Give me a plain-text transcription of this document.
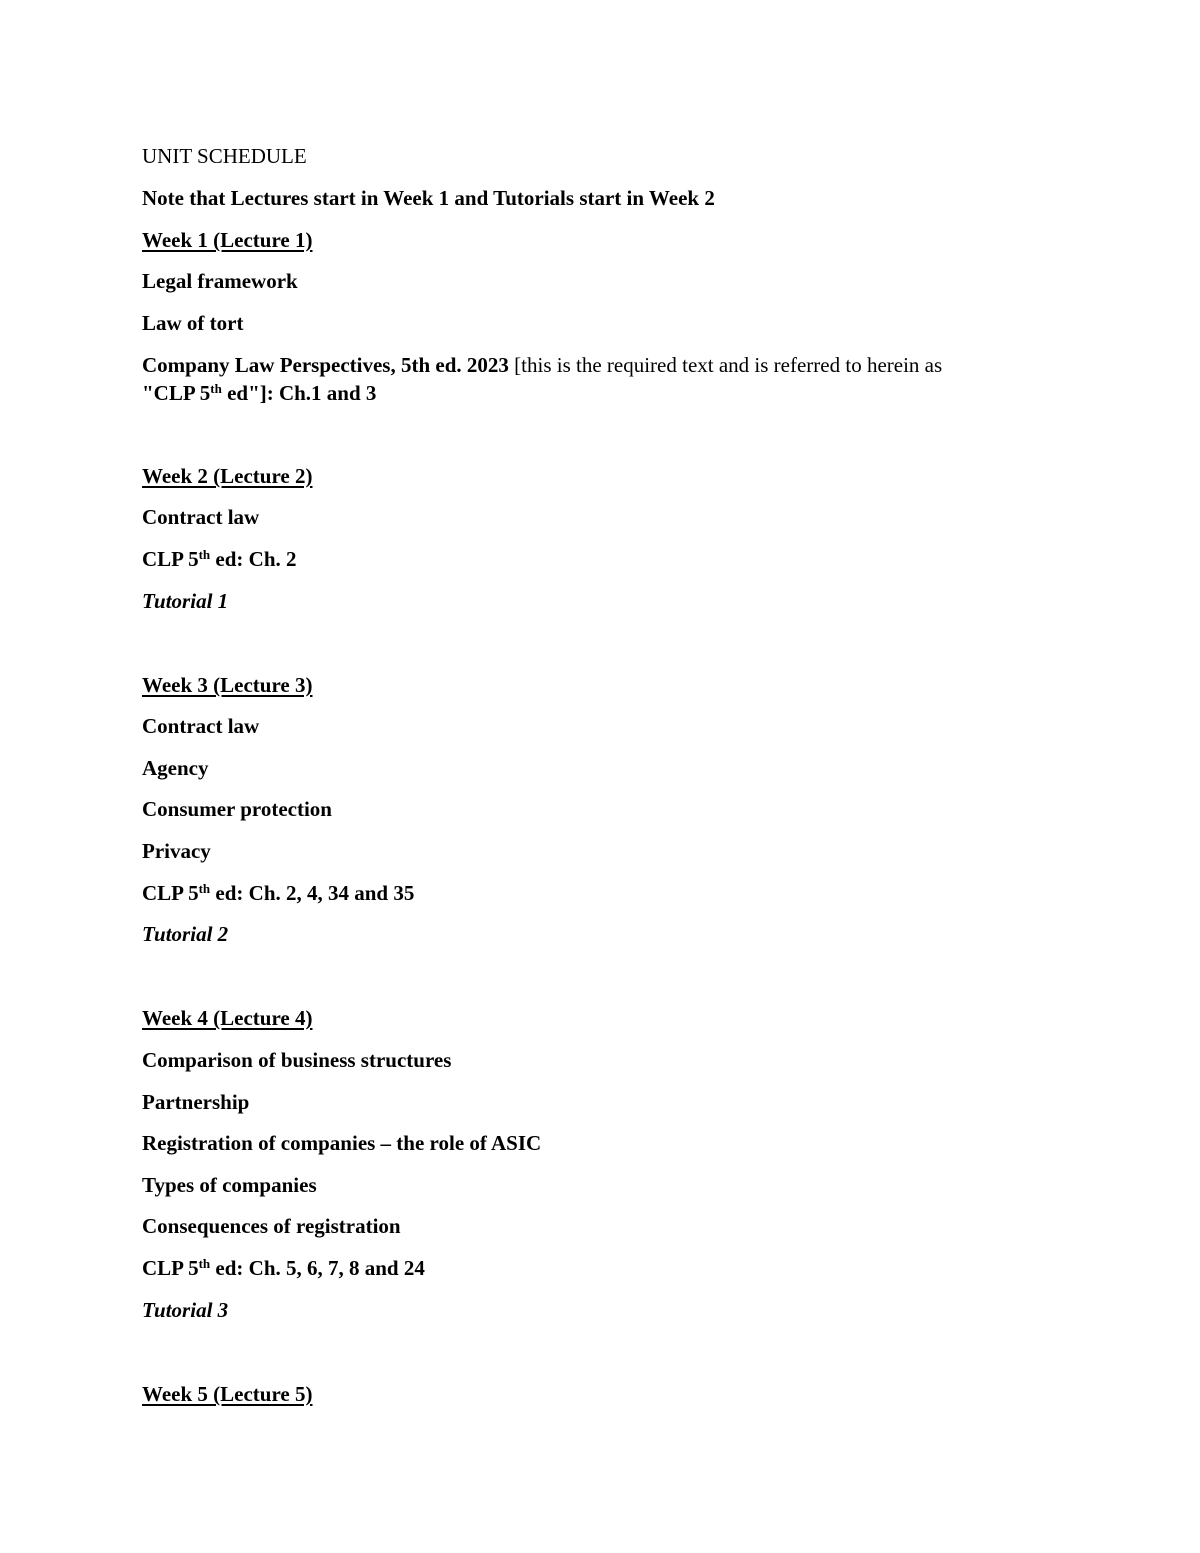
UNIT SCHEDULE
Note that Lectures start in Week 1 and Tutorials start in Week 2
Week 1 (Lecture 1)
Legal framework
Law of tort
Company Law Perspectives, 5th ed. 2023 [this is the required text and is referred to herein as
"CLP 5th ed"]: Ch.1 and 3
Week 2 (Lecture 2)
Contract law
CLP 5th ed: Ch. 2
Tutorial 1
Week 3 (Lecture 3)
Contract law
Agency
Consumer protection
Privacy
CLP 5th ed: Ch. 2, 4, 34 and 35
Tutorial 2
Week 4 (Lecture 4)
Comparison of business structures
Partnership
Registration of companies – the role of ASIC
Types of companies
Consequences of registration
CLP 5th ed: Ch. 5, 6, 7, 8 and 24
Tutorial 3
Week 5 (Lecture 5)
